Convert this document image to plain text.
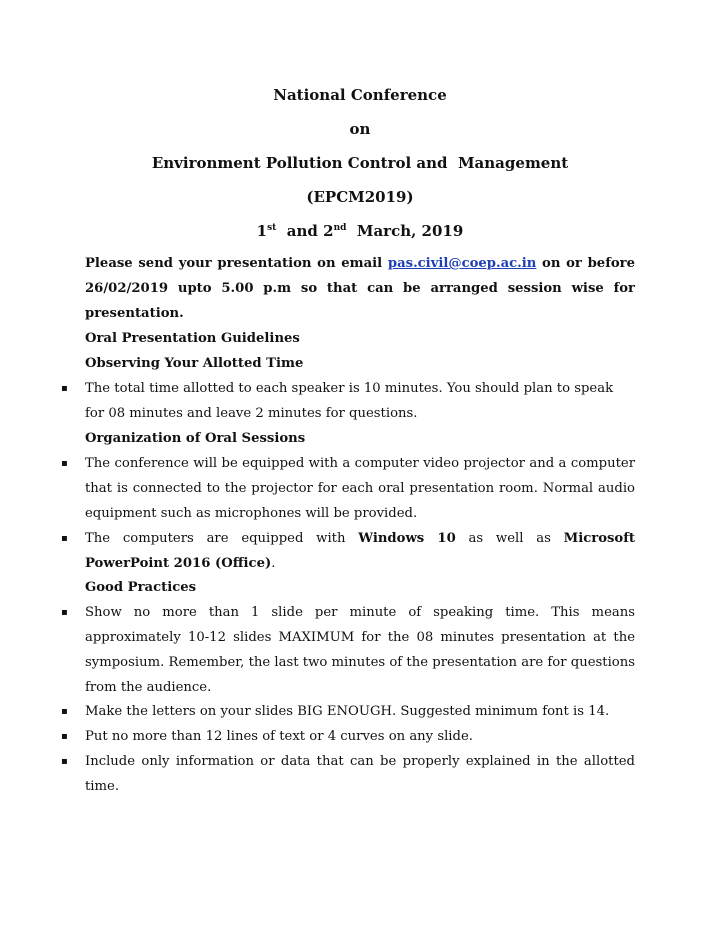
National Conference

on

Environment Pollution Control and  Management

(EPCM2019)

1st  and 2nd  March, 2019

Please send your presentation on email pas.civil@coep.ac.in on or before 26/02/2019 upto 5.00 p.m so that can be arranged session wise for presentation.

Oral Presentation Guidelines

Observing Your Allotted Time

▪ The total time allotted to each speaker is 10 minutes. You should plan to speak for 08 minutes and leave 2 minutes for questions.

Organization of Oral Sessions

▪ The conference will be equipped with a computer video projector and a computer that is connected to the projector for each oral presentation room. Normal audio equipment such as microphones will be provided.

▪ The computers are equipped with Windows 10 as well as Microsoft PowerPoint 2016 (Office).

Good Practices

▪ Show no more than 1 slide per minute of speaking time. This means approximately 10-12 slides MAXIMUM for the 08 minutes presentation at the symposium. Remember, the last two minutes of the presentation are for questions from the audience.

▪ Make the letters on your slides BIG ENOUGH. Suggested minimum font is 14.

▪ Put no more than 12 lines of text or 4 curves on any slide.

▪ Include only information or data that can be properly explained in the allotted time.
